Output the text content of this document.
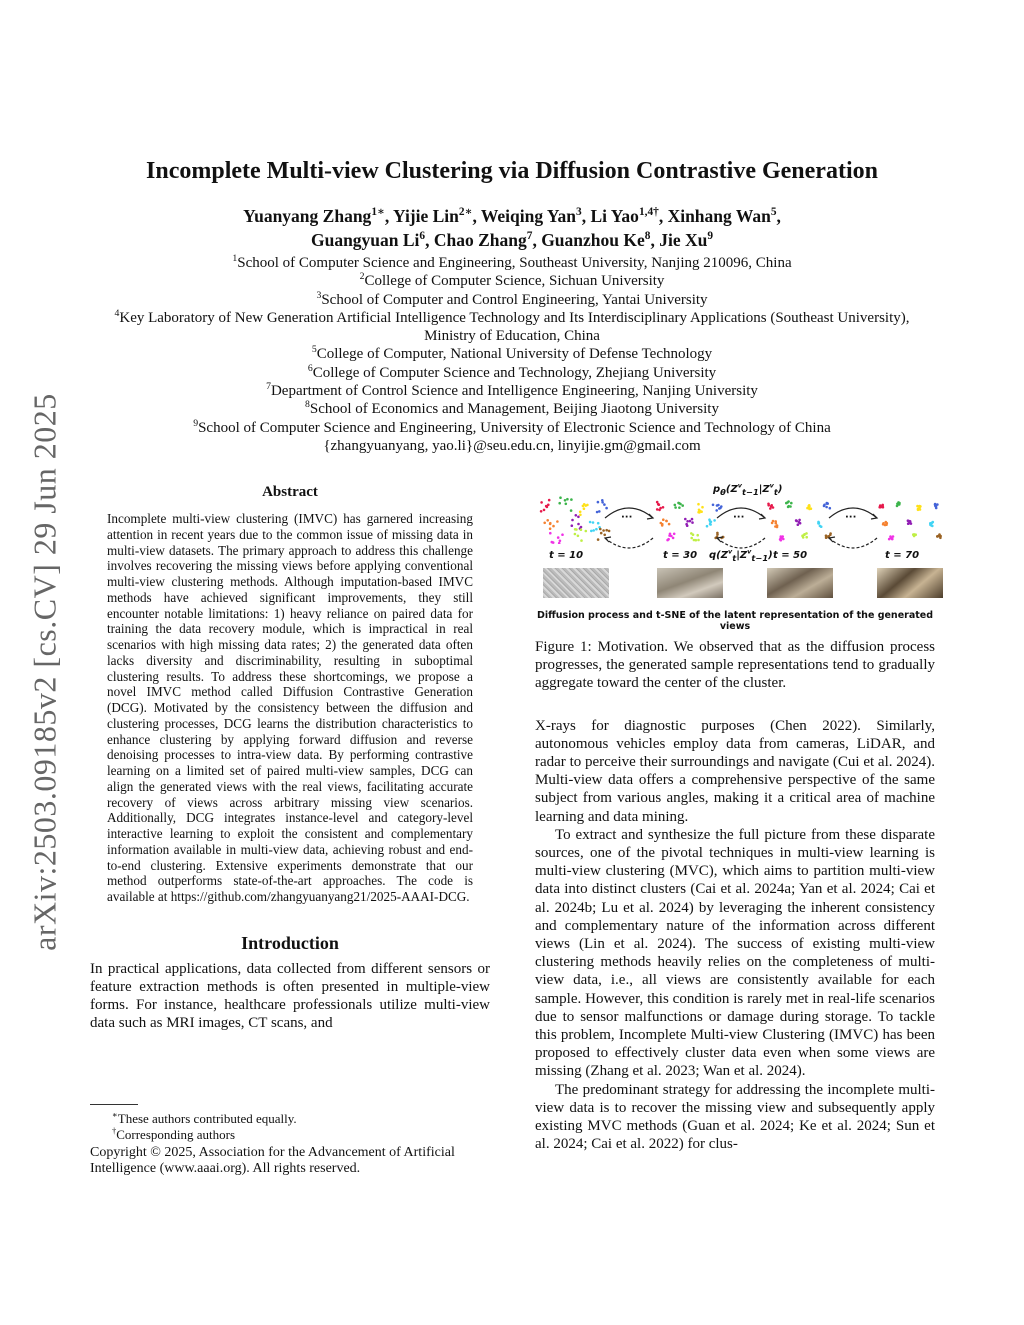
arXiv:2503.09185v2 [cs.CV] 29 Jun 2025
Incomplete Multi-view Clustering via Diffusion Contrastive Generation
Yuanyang Zhang$^{1∗}$, Yijie Lin$^{2∗}$, Weiqing Yan$^3$, Li Yao$^{1,4\dagger}$, Xinhang Wan$^5$,
Guangyuan Li$^6$, Chao Zhang$^7$, Guanzhou Ke$^8$, Jie Xu$^9$
$^1$School of Computer Science and Engineering, Southeast University, Nanjing 210096, China
$^2$College of Computer Science, Sichuan University
$^3$School of Computer and Control Engineering, Yantai University
$^4$Key Laboratory of New Generation Artificial Intelligence Technology and Its Interdisciplinary Applications (Southeast University), Ministry of Education, China
$^5$College of Computer, National University of Defense Technology
$^6$College of Computer Science and Technology, Zhejiang University
$^7$Department of Control Science and Intelligence Engineering, Nanjing University
$^8$School of Economics and Management, Beijing Jiaotong University
$^9$School of Computer Science and Engineering, University of Electronic Science and Technology of China
{zhangyuanyang, yao.li}@seu.edu.cn, linyijie.gm@gmail.com
Abstract

Incomplete multi-view clustering (IMVC) has garnered increasing attention in recent years due to the common issue of missing data in multi-view datasets. The primary approach to address this challenge involves recovering the missing views before applying conventional multi-view clustering methods. Although imputation-based IMVC methods have achieved significant improvements, they still encounter notable limitations: 1) heavy reliance on paired data for training the data recovery module, which is impractical in real scenarios with high missing data rates; 2) the generated data often lacks diversity and discriminability, resulting in suboptimal clustering results. To address these shortcomings, we propose a novel IMVC method called Diffusion Contrastive Generation (DCG). Motivated by the consistency between the diffusion and clustering processes, DCG learns the distribution characteristics to enhance clustering by applying forward diffusion and reverse denoising processes to intra-view data. By performing contrastive learning on a limited set of paired multi-view samples, DCG can align the generated views with the real views, facilitating accurate recovery of views across arbitrary missing view scenarios. Additionally, DCG integrates instance-level and category-level interactive learning to exploit the consistent and complementary information available in multi-view data, achieving robust and end-to-end clustering. Extensive experiments demonstrate that our method outperforms state-of-the-art approaches. The code is available at https://github.com/zhangyuanyang21/2025-AAAI-DCG.

Introduction

In practical applications, data collected from different sensors or feature extraction methods is often presented in multiple-view forms. For instance, healthcare professionals utilize multi-view data such as MRI images, CT scans, and

∗These authors contributed equally.
†Corresponding authors
Copyright © 2025, Association for the Advancement of Artificial Intelligence (www.aaai.org). All rights reserved.
$p_\theta(Z^v_{t-1}|Z^v_t)$
$q(Z^v_t|Z^v_{t-1})$
···	···	···
t = 10	t = 30	t = 50	t = 70
Diffusion process and t-SNE of the latent representation of the generated views

Figure 1: Motivation. We observed that as the diffusion process progresses, the generated sample representations tend to gradually aggregate toward the center of the cluster.

X-rays for diagnostic purposes (Chen 2022). Similarly, autonomous vehicles employ data from cameras, LiDAR, and radar to perceive their surroundings and navigate (Cui et al. 2024). Multi-view data offers a comprehensive perspective of the same subject from various angles, making it a critical area of machine learning and data mining.

To extract and synthesize the full picture from these disparate sources, one of the pivotal techniques in multi-view learning is multi-view clustering (MVC), which aims to partition multi-view data into distinct clusters (Cai et al. 2024a; Yan et al. 2024; Cai et al. 2024b; Lu et al. 2024) by leveraging the inherent consistency and complementary nature of the information across different views (Lin et al. 2024). The success of existing multi-view clustering methods heavily relies on the completeness of multi-view data, i.e., all views are consistently available for each sample. However, this condition is rarely met in real-life scenarios due to sensor malfunctions or damage during storage. To tackle this problem, Incomplete Multi-view Clustering (IMVC) has been proposed to effectively cluster data even when some views are missing (Zhang et al. 2023; Wan et al. 2024).

The predominant strategy for addressing the incomplete multi-view data is to recover the missing view and subsequently apply existing MVC methods (Guan et al. 2024; Ke et al. 2024; Sun et al. 2024; Cai et al. 2022) for clus-
